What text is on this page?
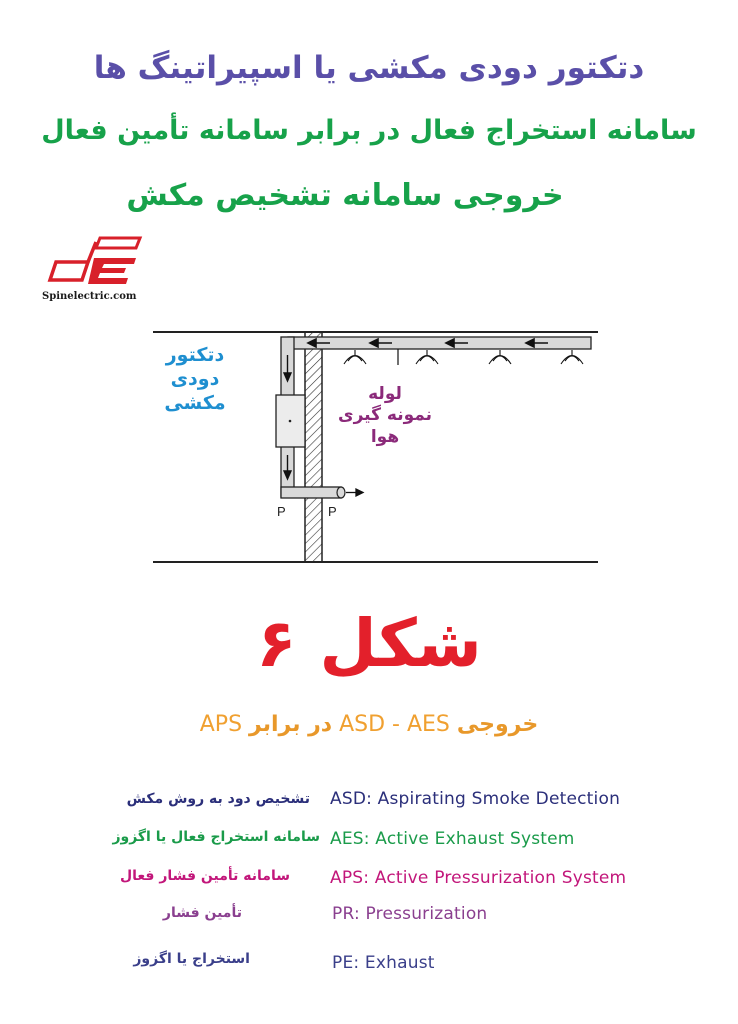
دتکتور دودی مکشی یا اسپیراتینگ ها
سامانه استخراج فعال در برابر سامانه تأمین فعال
خروجی سامانه تشخیص مکش
Spinelectric.com
P	P
دتکتور
دودی
مکشی	لوله
نمونه گیری
هوا
شکل ۶
خروجی ASD - AES در برابر APS
تشخیص دود به روش مکش ASD: Aspirating Smoke Detection
سامانه استخراج فعال یا اگزوز AES: Active Exhaust System
سامانه تأمین فشار فعال APS: Active Pressurization System
تأمین فشار	PR: Pressurization
استخراج یا اگزوز	PE: Exhaust
